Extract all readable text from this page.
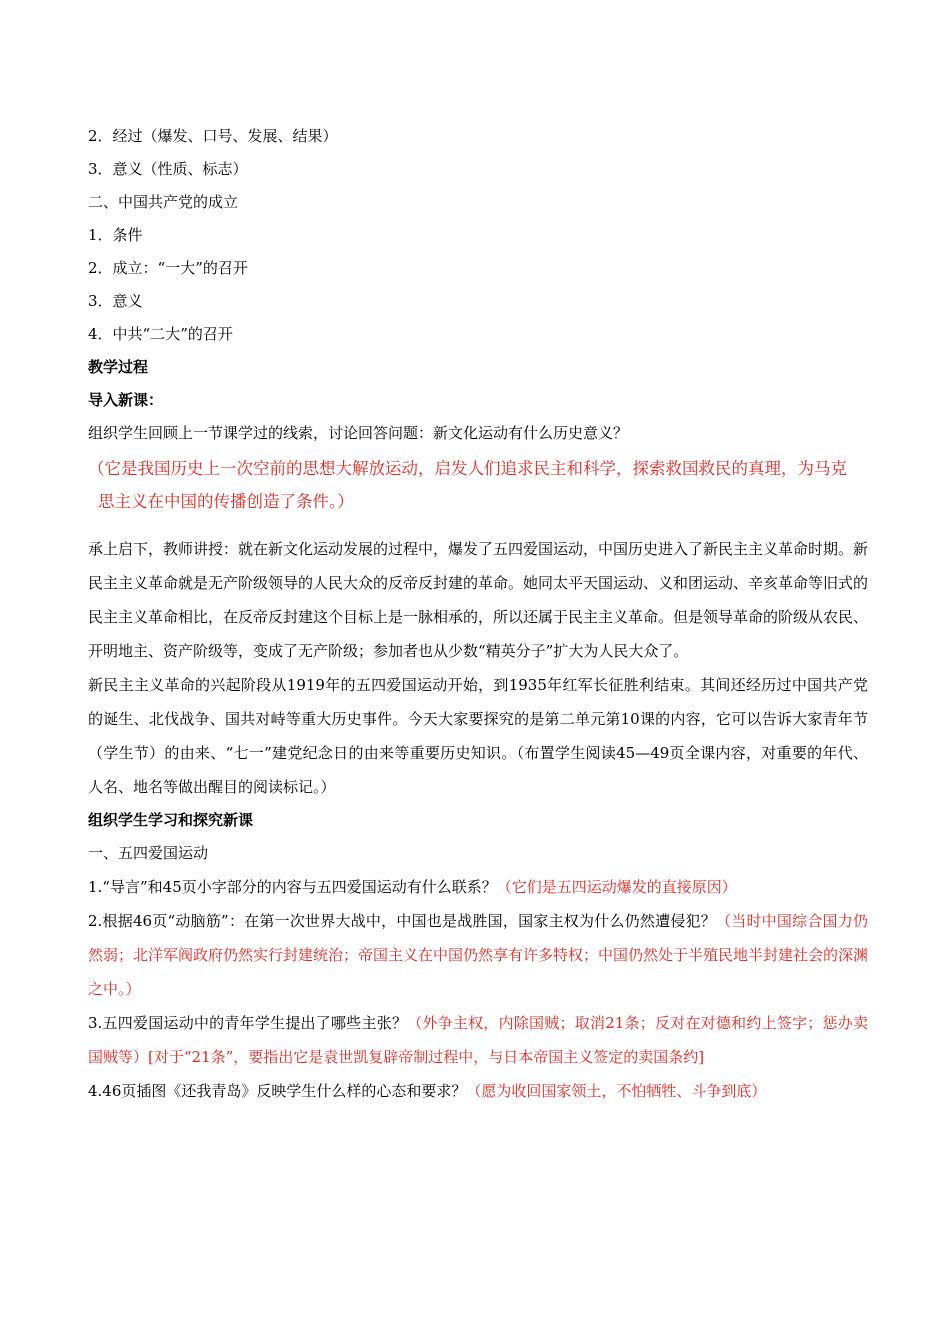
2．经过（爆发、口号、发展、结果）
3．意义（性质、标志）
二、中国共产党的成立
1．条件
2．成立：“一大”的召开
3．意义
4．中共“二大”的召开
教学过程
导入新课：
组织学生回顾上一节课学过的线索，讨论回答问题：新文化运动有什么历史意义？
（它是我国历史上一次空前的思想大解放运动，启发人们追求民主和科学，探索救国救民的真理，为马克
思主义在中国的传播创造了条件。）

承上启下，教师讲授：就在新文化运动发展的过程中，爆发了五四爱国运动，中国历史进入了新民主主义革命时期。新民主主义革命就是无产阶级领导的人民大众的反帝反封建的革命。她同太平天国运动、义和团运动、辛亥革命等旧式的民主主义革命相比，在反帝反封建这个目标上是一脉相承的，所以还属于民主主义革命。但是领导革命的阶级从农民、开明地主、资产阶级等，变成了无产阶级；参加者也从少数“精英分子”扩大为人民大众了。

新民主主义革命的兴起阶段从1919年的五四爱国运动开始，到1935年红军长征胜利结束。其间还经历过中国共产党的诞生、北伐战争、国共对峙等重大历史事件。今天大家要探究的是第二单元第10课的内容，它可以告诉大家青年节（学生节）的由来、“七一”建党纪念日的由来等重要历史知识。（布置学生阅读45—49页全课内容，对重要的年代、人名、地名等做出醒目的阅读标记。）

组织学生学习和探究新课
一、五四爱国运动

1.“导言”和45页小字部分的内容与五四爱国运动有什么联系？（它们是五四运动爆发的直接原因）

2.根据46页“动脑筋”：在第一次世界大战中，中国也是战胜国，国家主权为什么仍然遭侵犯？（当时中国综合国力仍然弱；北洋军阀政府仍然实行封建统治；帝国主义在中国仍然享有许多特权；中国仍然处于半殖民地半封建社会的深渊之中。）

3.五四爱国运动中的青年学生提出了哪些主张？（外争主权，内除国贼；取消21条；反对在对德和约上签字；惩办卖国贼等）[对于“21条”，要指出它是袁世凯复辟帝制过程中，与日本帝国主义签定的卖国条约]

4.46页插图《还我青岛》反映学生什么样的心态和要求？（愿为收回国家领土，不怕牺牲、斗争到底）
